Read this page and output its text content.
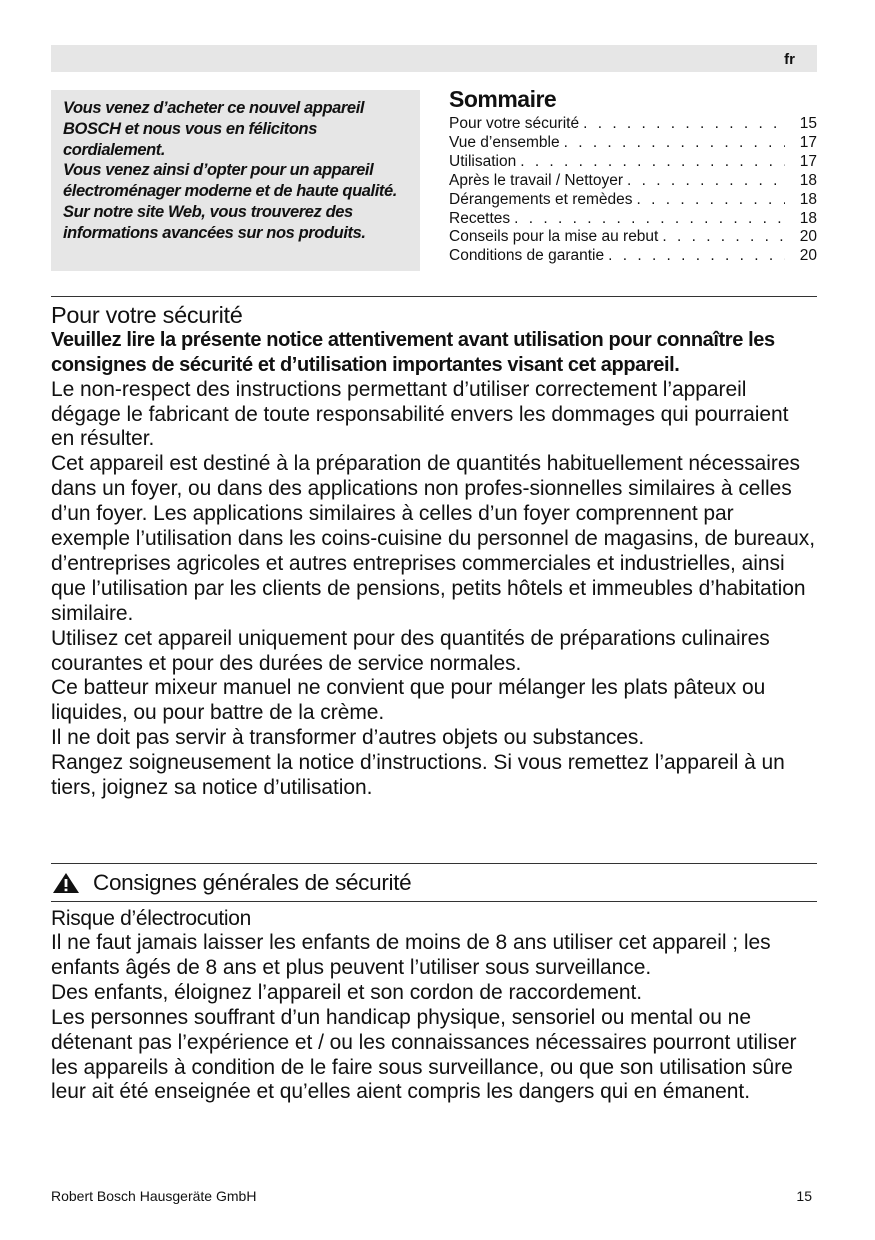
fr

Vous venez d’acheter ce nouvel appareil BOSCH et nous vous en félicitons cordialement.

Vous venez ainsi d’opter pour un appareil électroménager moderne et de haute qualité. Sur notre site Web, vous trouverez des informations avancées sur nos produits.

Sommaire
Pour votre sécurité . . .	15
Vue d’ensemble . . .	17
Utilisation . . .	17
Après le travail / Nettoyer . . .	18
Dérangements et remèdes . . .	18
Recettes . . .	18
Conseils pour la mise au rebut . . .	20
Conditions de garantie . . .	20
Pour votre sécurité

Veuillez lire la présente notice attentivement avant utilisation pour connaître les consignes de sécurité et d’utilisation importantes visant cet appareil.

Le non-respect des instructions permettant d’utiliser correctement l’appareil dégage le fabricant de toute responsabilité envers les dommages qui pourraient en résulter.

Cet appareil est destiné à la préparation de quantités habituellement nécessaires dans un foyer, ou dans des applications non profes-sionnelles similaires à celles d’un foyer. Les applications similaires à celles d’un foyer comprennent par exemple l’utilisation dans les coins-cuisine du personnel de magasins, de bureaux, d’entreprises agricoles et autres entreprises commerciales et industrielles, ainsi que l’utilisation par les clients de pensions, petits hôtels et immeubles d’habitation similaire.

Utilisez cet appareil uniquement pour des quantités de préparations culinaires courantes et pour des durées de service normales.

Ce batteur mixeur manuel ne convient que pour mélanger les plats pâteux ou liquides, ou pour battre de la crème.

Il ne doit pas servir à transformer d’autres objets ou substances.

Rangez soigneusement la notice d’instructions. Si vous remettez l’appareil à un tiers, joignez sa notice d’utilisation.

Consignes générales de sécurité
Risque d’électrocution

Il ne faut jamais laisser les enfants de moins de 8 ans utiliser cet appareil ; les enfants âgés de 8 ans et plus peuvent l’utiliser sous surveillance.

Des enfants, éloignez l’appareil et son cordon de raccordement.

Les personnes souffrant d’un handicap physique, sensoriel ou mental ou ne détenant pas l’expérience et / ou les connaissances nécessaires pourront utiliser les appareils à condition de le faire sous surveillance, ou que son utilisation sûre leur ait été enseignée et qu’elles aient compris les dangers qui en émanent.

Robert Bosch Hausgeräte GmbH	15
